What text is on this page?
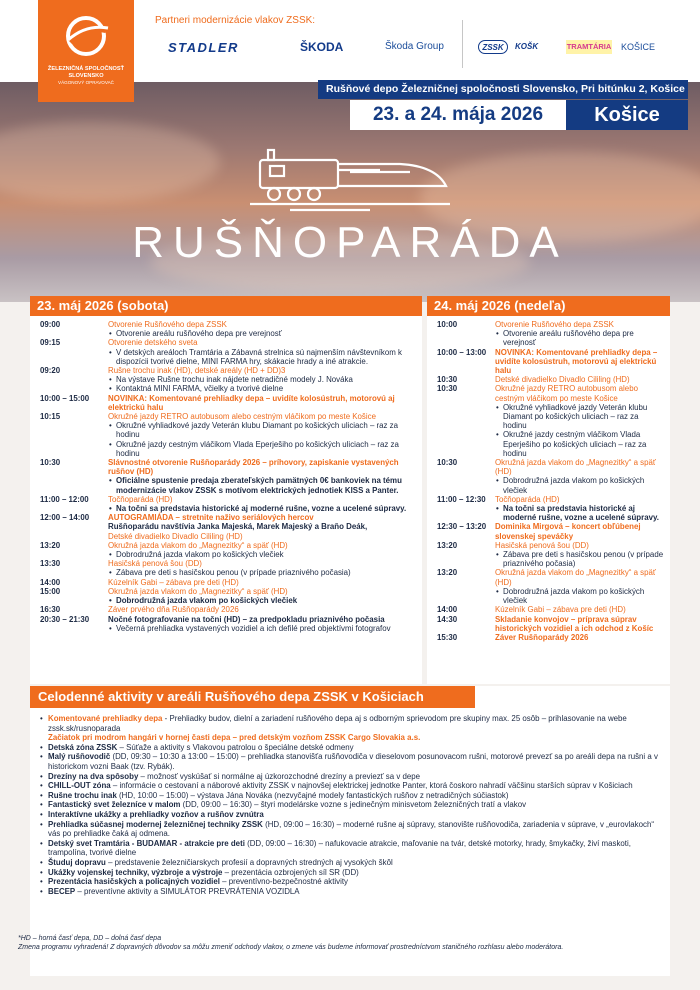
ŽELEZNIČNÁ SPOLOČNOSŤ SLOVENSKO
VÁGONOVÝ OPRAVOVAČ
Partneri modernizácie vlakov ZSSK:
STADLER	ŠKODA	Škoda Group	ZSSK	KOŠK	TRAMTÁRIA KOŠICE
RUŠŇOPARÁDA
Rušňové depo Železničnej spoločnosti Slovensko, Pri bitúnku 2, Košice
23. a 24. mája 2026	Košice
23. máj 2026 (sobota)
09:00	Otvorenie Rušňového depa ZSSK
• Otvorenie areálu rušňového depa pre verejnosť
09:15	Otvorenie detského sveta
• V detských areáloch Tramtária a Zábavná strelnica sú najmenším návštevníkom k dispozícii tvorivé dielne, MINI FARMA hry, skákacie hrady a iné atrakcie.
09:20	Rušne trochu inak (HD), detské areály (HD + DD)3
• Na výstave Rušne trochu inak nájdete netradičné modely J. Nováka
• Kontaktná MINI FARMA, včielky a tvorivé dielne
10:00 – 15:00	NOVINKA: Komentované prehliadky depa – uvidíte kolosústruh, motorovú aj elektrickú halu
10:15	Okružné jazdy RETRO autobusom alebo cestným vláčikom po meste Košice
• Okružné vyhliadkové jazdy Veterán klubu Diamant po košických uliciach – raz za hodinu
• Okružné jazdy cestným vláčikom Vlada Eperješiho po košických uliciach – raz za hodinu
10:30	Slávnostné otvorenie Rušňoparády 2026 – príhovory, zapiskanie vystavených rušňov (HD)
• Oficiálne spustenie predaja zberateľských pamätných 0€ bankoviek na tému modernizácie vlakov ZSSK s motívom elektrických jednotiek KISS a Panter.
11:00 – 12:00	Točňoparáda (HD)
• Na točni sa predstavia historické aj moderné rušne, vozne a ucelené súpravy.
12:00 – 14:00	AUTOGRAMIÁDA – stretnite naživo seriálových hercov
Rušňoparádu navštívia Janka Majeská, Marek Majeský a Braňo Deák,
Detské divadielko Divadlo Cililing (HD)
13:20	Okružná jazda vlakom do „Magnezitky“ a späť (HD)
• Dobrodružná jazda vlakom po košických vlečiek
13:30	Hasičská penová šou (DD)
• Zábava pre deti s hasičskou penou (v prípade priaznivého počasia)
14:00	Kúzelník Gabi – zábava pre deti (HD)
15:00	Okružná jazda vlakom do „Magnezitky“ a späť (HD)
• Dobrodružná jazda vlakom po košických vlečiek
16:30	Záver prvého dňa Rušňoparády 2026
20:30 – 21:30	Nočné fotografovanie na točni (HD) – za predpokladu priaznivého počasia
• Večerná prehliadka vystavených vozidiel a ich defilé pred objektívmi fotografov
24. máj 2026 (nedeľa)
10:00	Otvorenie Rušňového depa ZSSK
• Otvorenie areálu rušňového depa pre verejnosť
10:00 – 13:00	NOVINKA: Komentované prehliadky depa – uvidíte kolosústruh, motorovú aj elektrickú halu
10:30	Detské divadielko Divadlo Cililing (HD)
10:30	Okružné jazdy RETRO autobusom alebo cestným vláčikom po meste Košice
• Okružné vyhliadkové jazdy Veterán klubu Diamant po košických uliciach – raz za hodinu
• Okružné jazdy cestným vláčikom Vlada Eperješiho po košických uliciach – raz za hodinu
10:30	Okružná jazda vlakom do „Magnezitky“ a späť (HD)
• Dobrodružná jazda vlakom po košických vlečiek
11:00 – 12:30	Točňoparáda (HD)
• Na točni sa predstavia historické aj moderné rušne, vozne a ucelené súpravy.
12:30 – 13:20	Dominika Mirgová – koncert obľúbenej slovenskej speváčky
13:20	Hasičská penová šou (DD)
• Zábava pre deti s hasičskou penou (v prípade priaznivého počasia)
13:20	Okružná jazda vlakom do „Magnezitky“ a späť (HD)
• Dobrodružná jazda vlakom po košických vlečiek
14:00	Kúzelník Gabi – zábava pre deti (HD)
14:30	Skladanie konvojov – príprava súprav historických vozidiel a ich odchod z Košíc
15:30	Záver Rušňoparády 2026
Celodenné aktivity v areáli Rušňového depa ZSSK v Košiciach
• Komentované prehliadky depa - Prehliadky budov, dielní a zariadení rušňového depa aj s odborným sprievodom pre skupiny max. 25 osôb – prihlasovanie na webe zssk.sk/rusnoparada
Začiatok pri modrom hangári v hornej časti depa – pred detským vozňom ZSSK Cargo Slovakia a.s.
• Detská zóna ZSSK – Súťaže a aktivity s Vlakovou patrolou o špeciálne detské odmeny
• Malý rušňovodič (DD, 09:30 – 10:30 a 13:00 – 15:00) – prehliadka stanovišťa rušňovodiča v dieselovom posunovacom rušni, motorové prevezť sa po areáli depa na rušni a v historickom vozni Baak (tzv. Rybák).
• Drezíny na dva spôsoby – možnosť vyskúšať si normálne aj úzkorozchodné drezíny a previezť sa v depe
• CHILL-OUT zóna – informácie o cestovaní a náborové aktivity ZSSK v najnovšej elektrickej jednotke Panter, ktorá čoskoro nahradí väčšinu starších súprav v Košiciach
• Rušne trochu inak (HD, 10:00 – 15:00) – výstava Jána Nováka (nezvyčajné modely fantastických rušňov z netradičných súčiastok)
• Fantastický svet železníce v malom (DD, 09:00 – 16:30) – štyri modelárske vozne s jedinečným minisvetom železničných tratí a vlakov
• Interaktívne ukážky a prehliadky vozňov a rušňov zvnútra
• Prehliadka súčasnej modernej železničnej techniky ZSSK (HD, 09:00 – 16:30) – moderné rušne aj súpravy, stanovište rušňovodiča, zariadenia v súprave, v „eurovlakoch“ vás po prehliadke čaká aj odmena.
• Detský svet Tramtária - BUDAMAR - atrakcie pre deti (DD, 09:00 – 16:30) – nafukovacie atrakcie, maľovanie na tvár, detské motorky, hrady, šmykačky, živí maskoti, trampolína, tvorivé dielne
• Študuj dopravu – predstavenie železničiarskych profesií a dopravných stredných aj vysokých škôl
• Ukážky vojenskej techniky, výzbroje a výstroje – prezentácia ozbrojených síl SR (DD)
• Prezentácia hasičských a policajných vozidiel – preventívno-bezpečnostné aktivity
• BECEP – preventívne aktivity a SIMULÁTOR PREVRÁTENIA VOZIDLA
*HD – horná časť depa, DD – dolná časť depa
Zmena programu vyhradená! Z dopravných dôvodov sa môžu zmeniť odchody vlakov, o zmene vás budeme informovať prostredníctvom staničného rozhlasu alebo moderátora.
